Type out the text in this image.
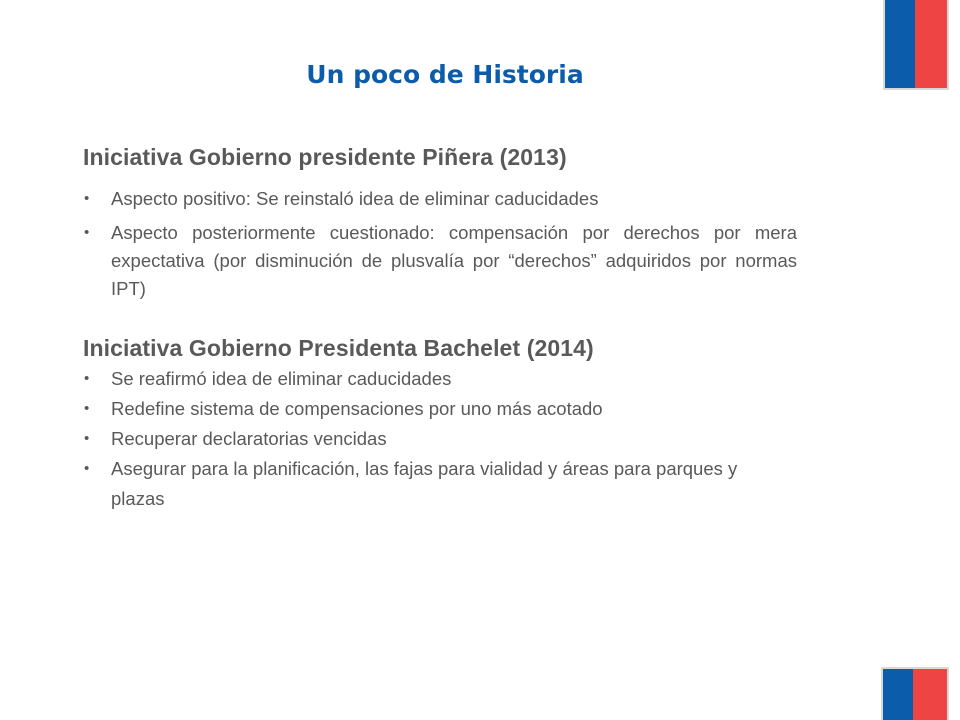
Un poco de Historia
Iniciativa Gobierno presidente Piñera (2013)
• Aspecto positivo: Se reinstaló idea de eliminar caducidades
• Aspecto posteriormente cuestionado: compensación por derechos por mera expectativa (por disminución de plusvalía por “derechos” adquiridos por normas IPT)
Iniciativa Gobierno Presidenta Bachelet (2014)
• Se reafirmó idea de eliminar caducidades
• Redefine sistema de compensaciones por uno más acotado
• Recuperar declaratorias vencidas
• Asegurar para la planificación, las fajas para vialidad y áreas para parques y plazas
